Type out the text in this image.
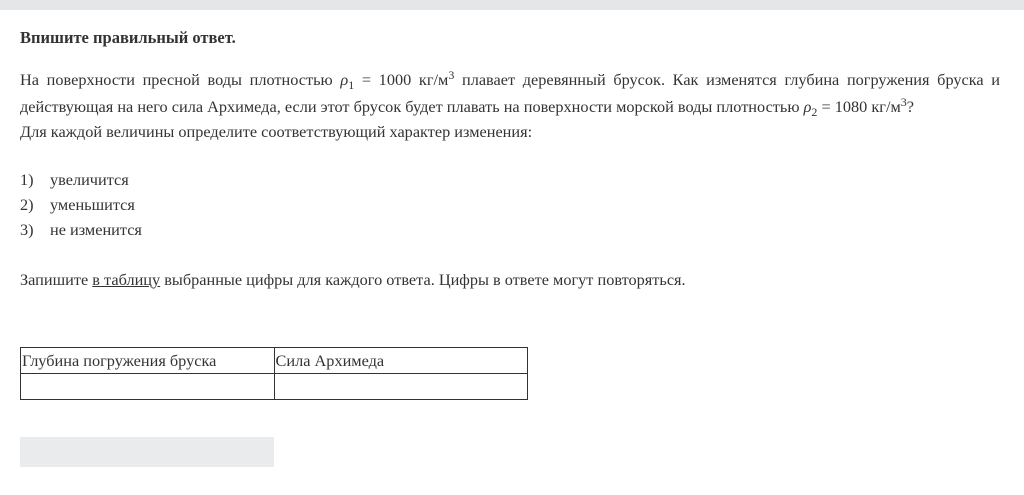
Впишите правильный ответ.

На поверхности пресной воды плотностью $\rho_1 = 1000$ $кг/м^3$ плавает деревянный брусок. Как изменятся глубина погружения бруска и действующая на него сила Архимеда, если этот брусок будет плавать на поверхности морской воды плотностью $\rho_2 = 1080$ $кг/м^3$?
Для каждой величины определите соответствующий характер изменения:
1) увеличится
2) уменьшится
3) не изменится
Запишите в таблицу выбранные цифры для каждого ответа. Цифры в ответе могут повторяться.
Глубина погружения бруска	Сила Архимеда
